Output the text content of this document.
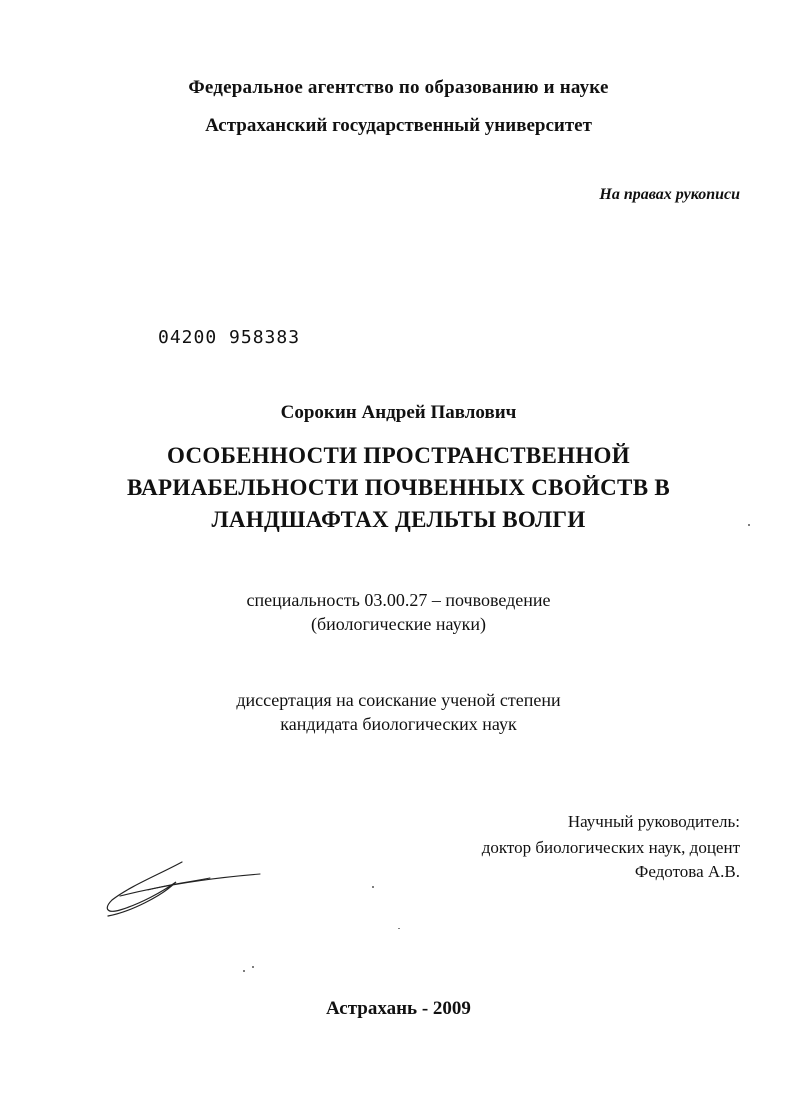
Федеральное агентство по образованию и науке
Астраханский государственный университет
На правах рукописи
04200 958383
Сорокин Андрей Павлович
ОСОБЕННОСТИ ПРОСТРАНСТВЕННОЙ
ВАРИАБЕЛЬНОСТИ ПОЧВЕННЫХ СВОЙСТВ В
ЛАНДШАФТАХ ДЕЛЬТЫ ВОЛГИ
специальность 03.00.27 – почвоведение
(биологические науки)
диссертация на соискание ученой степени
кандидата биологических наук
Научный руководитель:
доктор биологических наук, доцент
Федотова А.В.
Астрахань - 2009
